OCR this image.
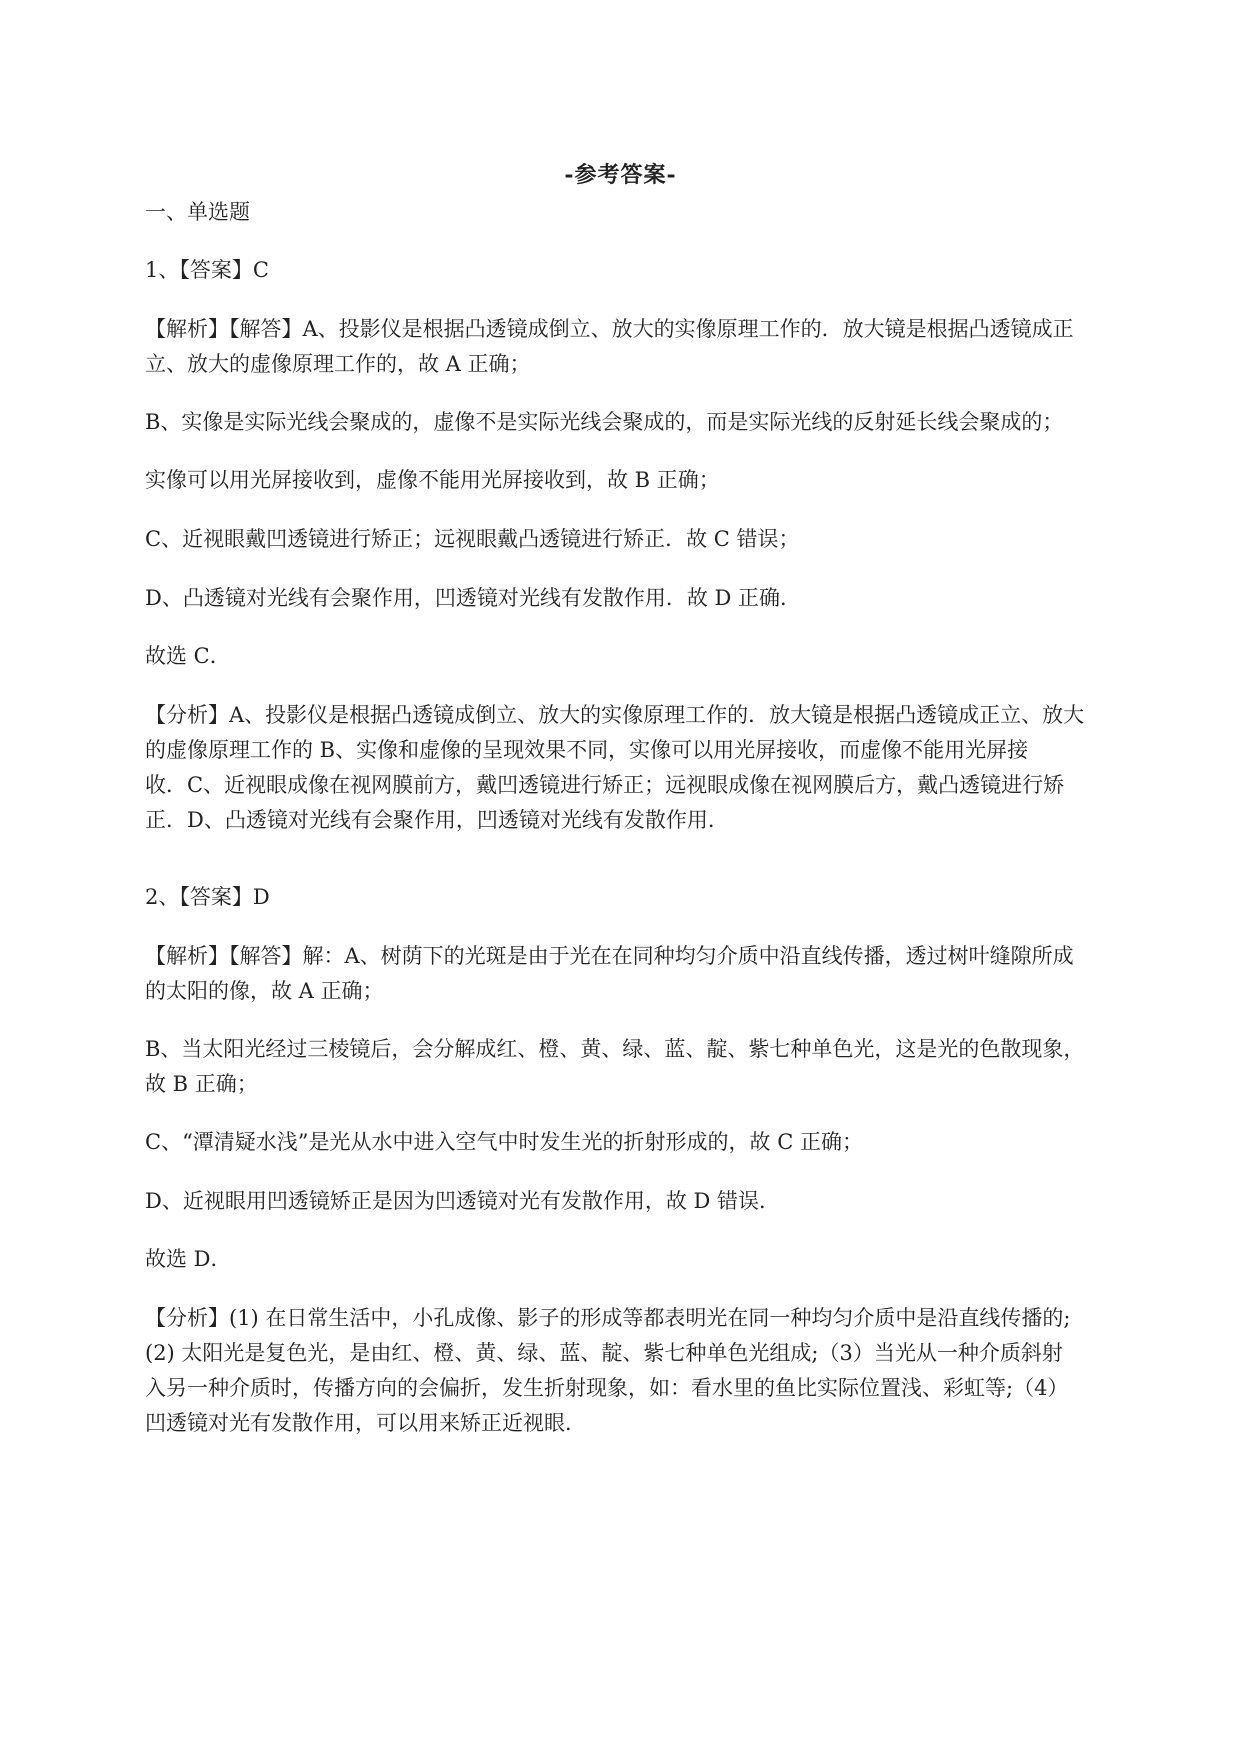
-参考答案-

一、单选题

1、【答案】C

【解析】【解答】A、投影仪是根据凸透镜成倒立、放大的实像原理工作的．放大镜是根据凸透镜成正

立、放大的虚像原理工作的，故 A 正确；

B、实像是实际光线会聚成的，虚像不是实际光线会聚成的，而是实际光线的反射延长线会聚成的；

实像可以用光屏接收到，虚像不能用光屏接收到，故 B 正确；

C、近视眼戴凹透镜进行矫正；远视眼戴凸透镜进行矫正．故 C 错误；

D、凸透镜对光线有会聚作用，凹透镜对光线有发散作用．故 D 正确．

故选 C．

【分析】A、投影仪是根据凸透镜成倒立、放大的实像原理工作的．放大镜是根据凸透镜成正立、放大

的虚像原理工作的 B、实像和虚像的呈现效果不同，实像可以用光屏接收，而虚像不能用光屏接

收．C、近视眼成像在视网膜前方，戴凹透镜进行矫正；远视眼成像在视网膜后方，戴凸透镜进行矫

正．D、凸透镜对光线有会聚作用，凹透镜对光线有发散作用．

2、【答案】D

【解析】【解答】解：A、树荫下的光斑是由于光在在同种均匀介质中沿直线传播，透过树叶缝隙所成

的太阳的像，故 A 正确；

B、当太阳光经过三棱镜后，会分解成红、橙、黄、绿、蓝、靛、紫七种单色光，这是光的色散现象，

故 B 正确；

C、“潭清疑水浅”是光从水中进入空气中时发生光的折射形成的，故 C 正确；

D、近视眼用凹透镜矫正是因为凹透镜对光有发散作用，故 D 错误．

故选 D．

【分析】(1) 在日常生活中，小孔成像、影子的形成等都表明光在同一种均匀介质中是沿直线传播的;

(2) 太阳光是复色光，是由红、橙、黄、绿、蓝、靛、紫七种单色光组成;（3）当光从一种介质斜射

入另一种介质时，传播方向的会偏折，发生折射现象，如：看水里的鱼比实际位置浅、彩虹等;（4）

凹透镜对光有发散作用，可以用来矫正近视眼．
